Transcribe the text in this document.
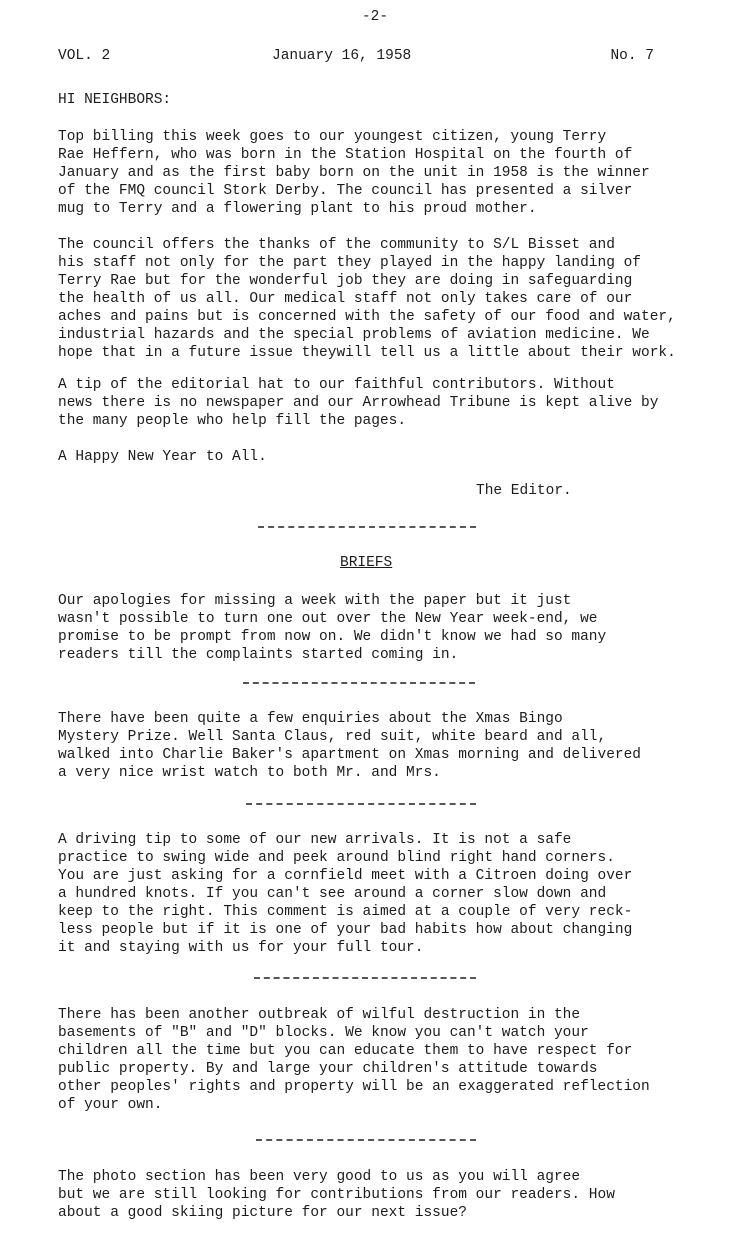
-2-
VOL. 2	January 16, 1958	No. 7
HI NEIGHBORS:

Top billing this week goes to our youngest citizen, young Terry
Rae Heffern, who was born in the Station Hospital on the fourth of
January and as the first baby born on the unit in 1958 is the winner
of the FMQ council Stork Derby. The council has presented a silver
mug to Terry and a flowering plant to his proud mother.

The council offers the thanks of the community to S/L Bisset and
his staff not only for the part they played in the happy landing of
Terry Rae but for the wonderful job they are doing in safeguarding
the health of us all. Our medical staff not only takes care of our
aches and pains but is concerned with the safety of our food and water,
industrial hazards and the special problems of aviation medicine. We
hope that in a future issue theywill tell us a little about their work.

A tip of the editorial hat to our faithful contributors. Without
news there is no newspaper and our Arrowhead Tribune is kept alive by
the many people who help fill the pages.

A Happy New Year to All.

The Editor.
BRIEFS

Our apologies for missing a week with the paper but it just
wasn't possible to turn one out over the New Year week-end, we
promise to be prompt from now on. We didn't know we had so many
readers till the complaints started coming in.

There have been quite a few enquiries about the Xmas Bingo
Mystery Prize. Well Santa Claus, red suit, white beard and all,
walked into Charlie Baker's apartment on Xmas morning and delivered
a very nice wrist watch to both Mr. and Mrs.

A driving tip to some of our new arrivals. It is not a safe
practice to swing wide and peek around blind right hand corners.
You are just asking for a cornfield meet with a Citroen doing over
a hundred knots. If you can't see around a corner slow down and
keep to the right. This comment is aimed at a couple of very reck-
less people but if it is one of your bad habits how about changing
it and staying with us for your full tour.

There has been another outbreak of wilful destruction in the
basements of "B" and "D" blocks. We know you can't watch your
children all the time but you can educate them to have respect for
public property. By and large your children's attitude towards
other peoples' rights and property will be an exaggerated reflection
of your own.

The photo section has been very good to us as you will agree
but we are still looking for contributions from our readers. How
about a good skiing picture for our next issue?
